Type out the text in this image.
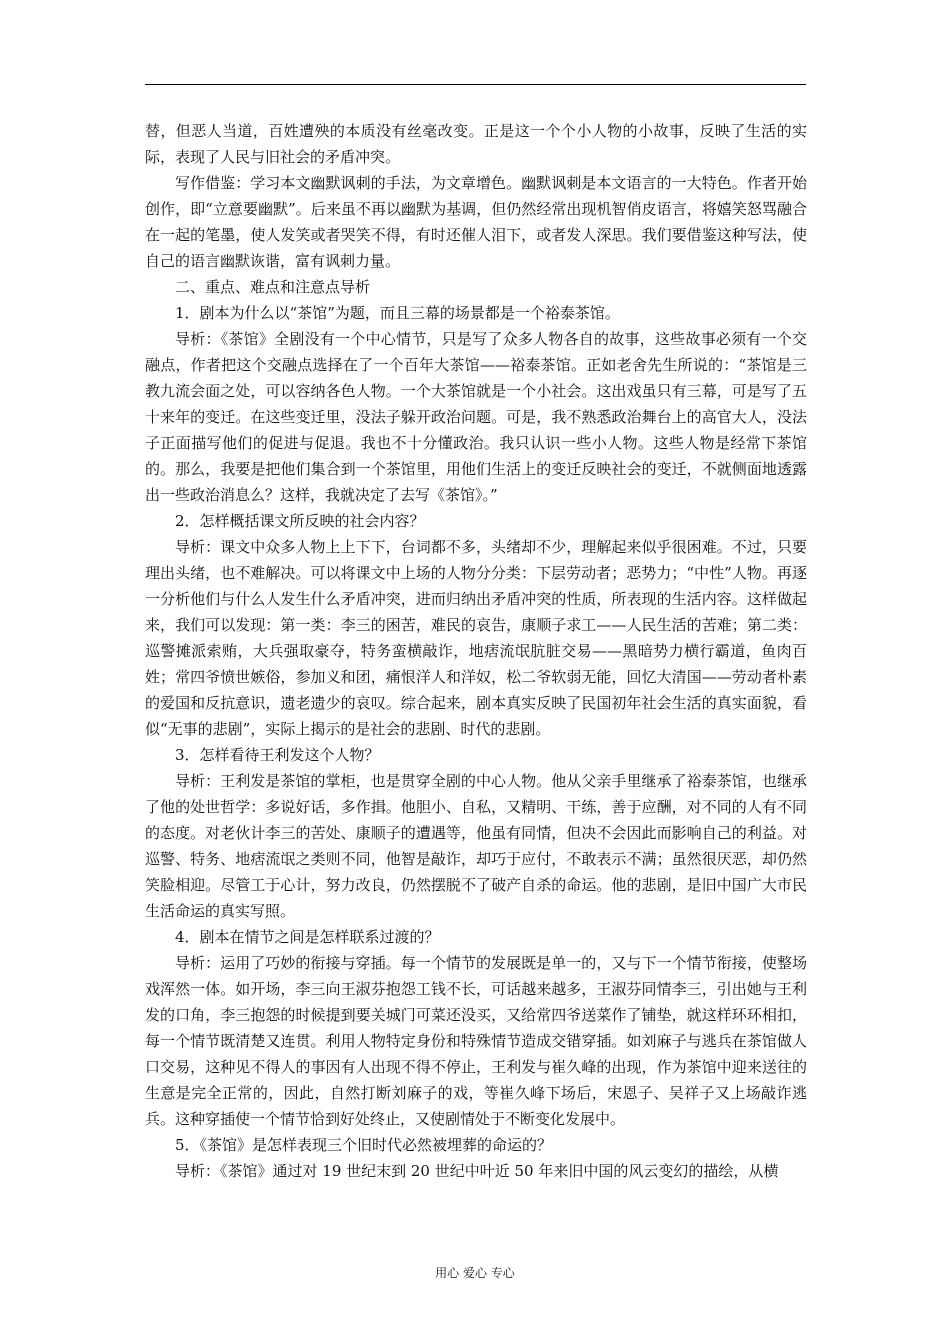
替，但恶人当道，百姓遭殃的本质没有丝毫改变。正是这一个个小人物的小故事，反映了生活的实际，表现了人民与旧社会的矛盾冲突。

写作借鉴：学习本文幽默讽刺的手法，为文章增色。幽默讽刺是本文语言的一大特色。作者开始创作，即“立意要幽默”。后来虽不再以幽默为基调，但仍然经常出现机智俏皮语言，将嬉笑怒骂融合在一起的笔墨，使人发笑或者哭笑不得，有时还催人泪下，或者发人深思。我们要借鉴这种写法，使自己的语言幽默诙谐，富有讽刺力量。

二、重点、难点和注意点导析

1．剧本为什么以“茶馆”为题，而且三幕的场景都是一个裕泰茶馆。

导析：《茶馆》全剧没有一个中心情节，只是写了众多人物各自的故事，这些故事必须有一个交融点，作者把这个交融点选择在了一个百年大茶馆——裕泰茶馆。正如老舍先生所说的：“茶馆是三教九流会面之处，可以容纳各色人物。一个大茶馆就是一个小社会。这出戏虽只有三幕，可是写了五十来年的变迁。在这些变迁里，没法子躲开政治问题。可是，我不熟悉政治舞台上的高官大人，没法子正面描写他们的促进与促退。我也不十分懂政治。我只认识一些小人物。这些人物是经常下茶馆的。那么，我要是把他们集合到一个茶馆里，用他们生活上的变迁反映社会的变迁，不就侧面地透露出一些政治消息么？这样，我就决定了去写《茶馆》。”

2．怎样概括课文所反映的社会内容？

导析：课文中众多人物上上下下，台词都不多，头绪却不少，理解起来似乎很困难。不过，只要理出头绪，也不难解决。可以将课文中上场的人物分分类：下层劳动者；恶势力；“中性”人物。再逐一分析他们与什么人发生什么矛盾冲突，进而归纳出矛盾冲突的性质，所表现的生活内容。这样做起来，我们可以发现：第一类：李三的困苦，难民的哀告，康顺子求工——人民生活的苦难；第二类：巡警摊派索贿，大兵强取豪夺，特务蛮横敲诈，地痞流氓肮脏交易——黑暗势力横行霸道，鱼肉百姓；常四爷愤世嫉俗，参加义和团，痛恨洋人和洋奴，松二爷软弱无能，回忆大清国——劳动者朴素的爱国和反抗意识，遗老遗少的哀叹。综合起来，剧本真实反映了民国初年社会生活的真实面貌，看似“无事的悲剧”，实际上揭示的是社会的悲剧、时代的悲剧。

3．怎样看待王利发这个人物？

导析：王利发是茶馆的掌柜，也是贯穿全剧的中心人物。他从父亲手里继承了裕泰茶馆，也继承了他的处世哲学：多说好话，多作揖。他胆小、自私，又精明、干练，善于应酬，对不同的人有不同的态度。对老伙计李三的苦处、康顺子的遭遇等，他虽有同情，但决不会因此而影响自己的利益。对巡警、特务、地痞流氓之类则不同，他智是敲诈，却巧于应付，不敢表示不满；虽然很厌恶，却仍然笑脸相迎。尽管工于心计，努力改良，仍然摆脱不了破产自杀的命运。他的悲剧，是旧中国广大市民生活命运的真实写照。

4．剧本在情节之间是怎样联系过渡的？

导析：运用了巧妙的衔接与穿插。每一个情节的发展既是单一的，又与下一个情节衔接，使整场戏浑然一体。如开场，李三向王淑芬抱怨工钱不长，可话越来越多，王淑芬同情李三，引出她与王利发的口角，李三抱怨的时候提到要关城门可菜还没买，又给常四爷送菜作了铺垫，就这样环环相扣，每一个情节既清楚又连贯。利用人物特定身份和特殊情节造成交错穿插。如刘麻子与逃兵在茶馆做人口交易，这种见不得人的事因有人出现不得不停止，王利发与崔久峰的出现，作为茶馆中迎来送往的生意是完全正常的，因此，自然打断刘麻子的戏，等崔久峰下场后，宋恩子、吴祥子又上场敲诈逃兵。这种穿插使一个情节恰到好处终止，又使剧情处于不断变化发展中。

5．《茶馆》是怎样表现三个旧时代必然被埋葬的命运的？

导析：《茶馆》通过对 19 世纪末到 20 世纪中叶近 50 年来旧中国的风云变幻的描绘，从横

用心 爱心 专心
